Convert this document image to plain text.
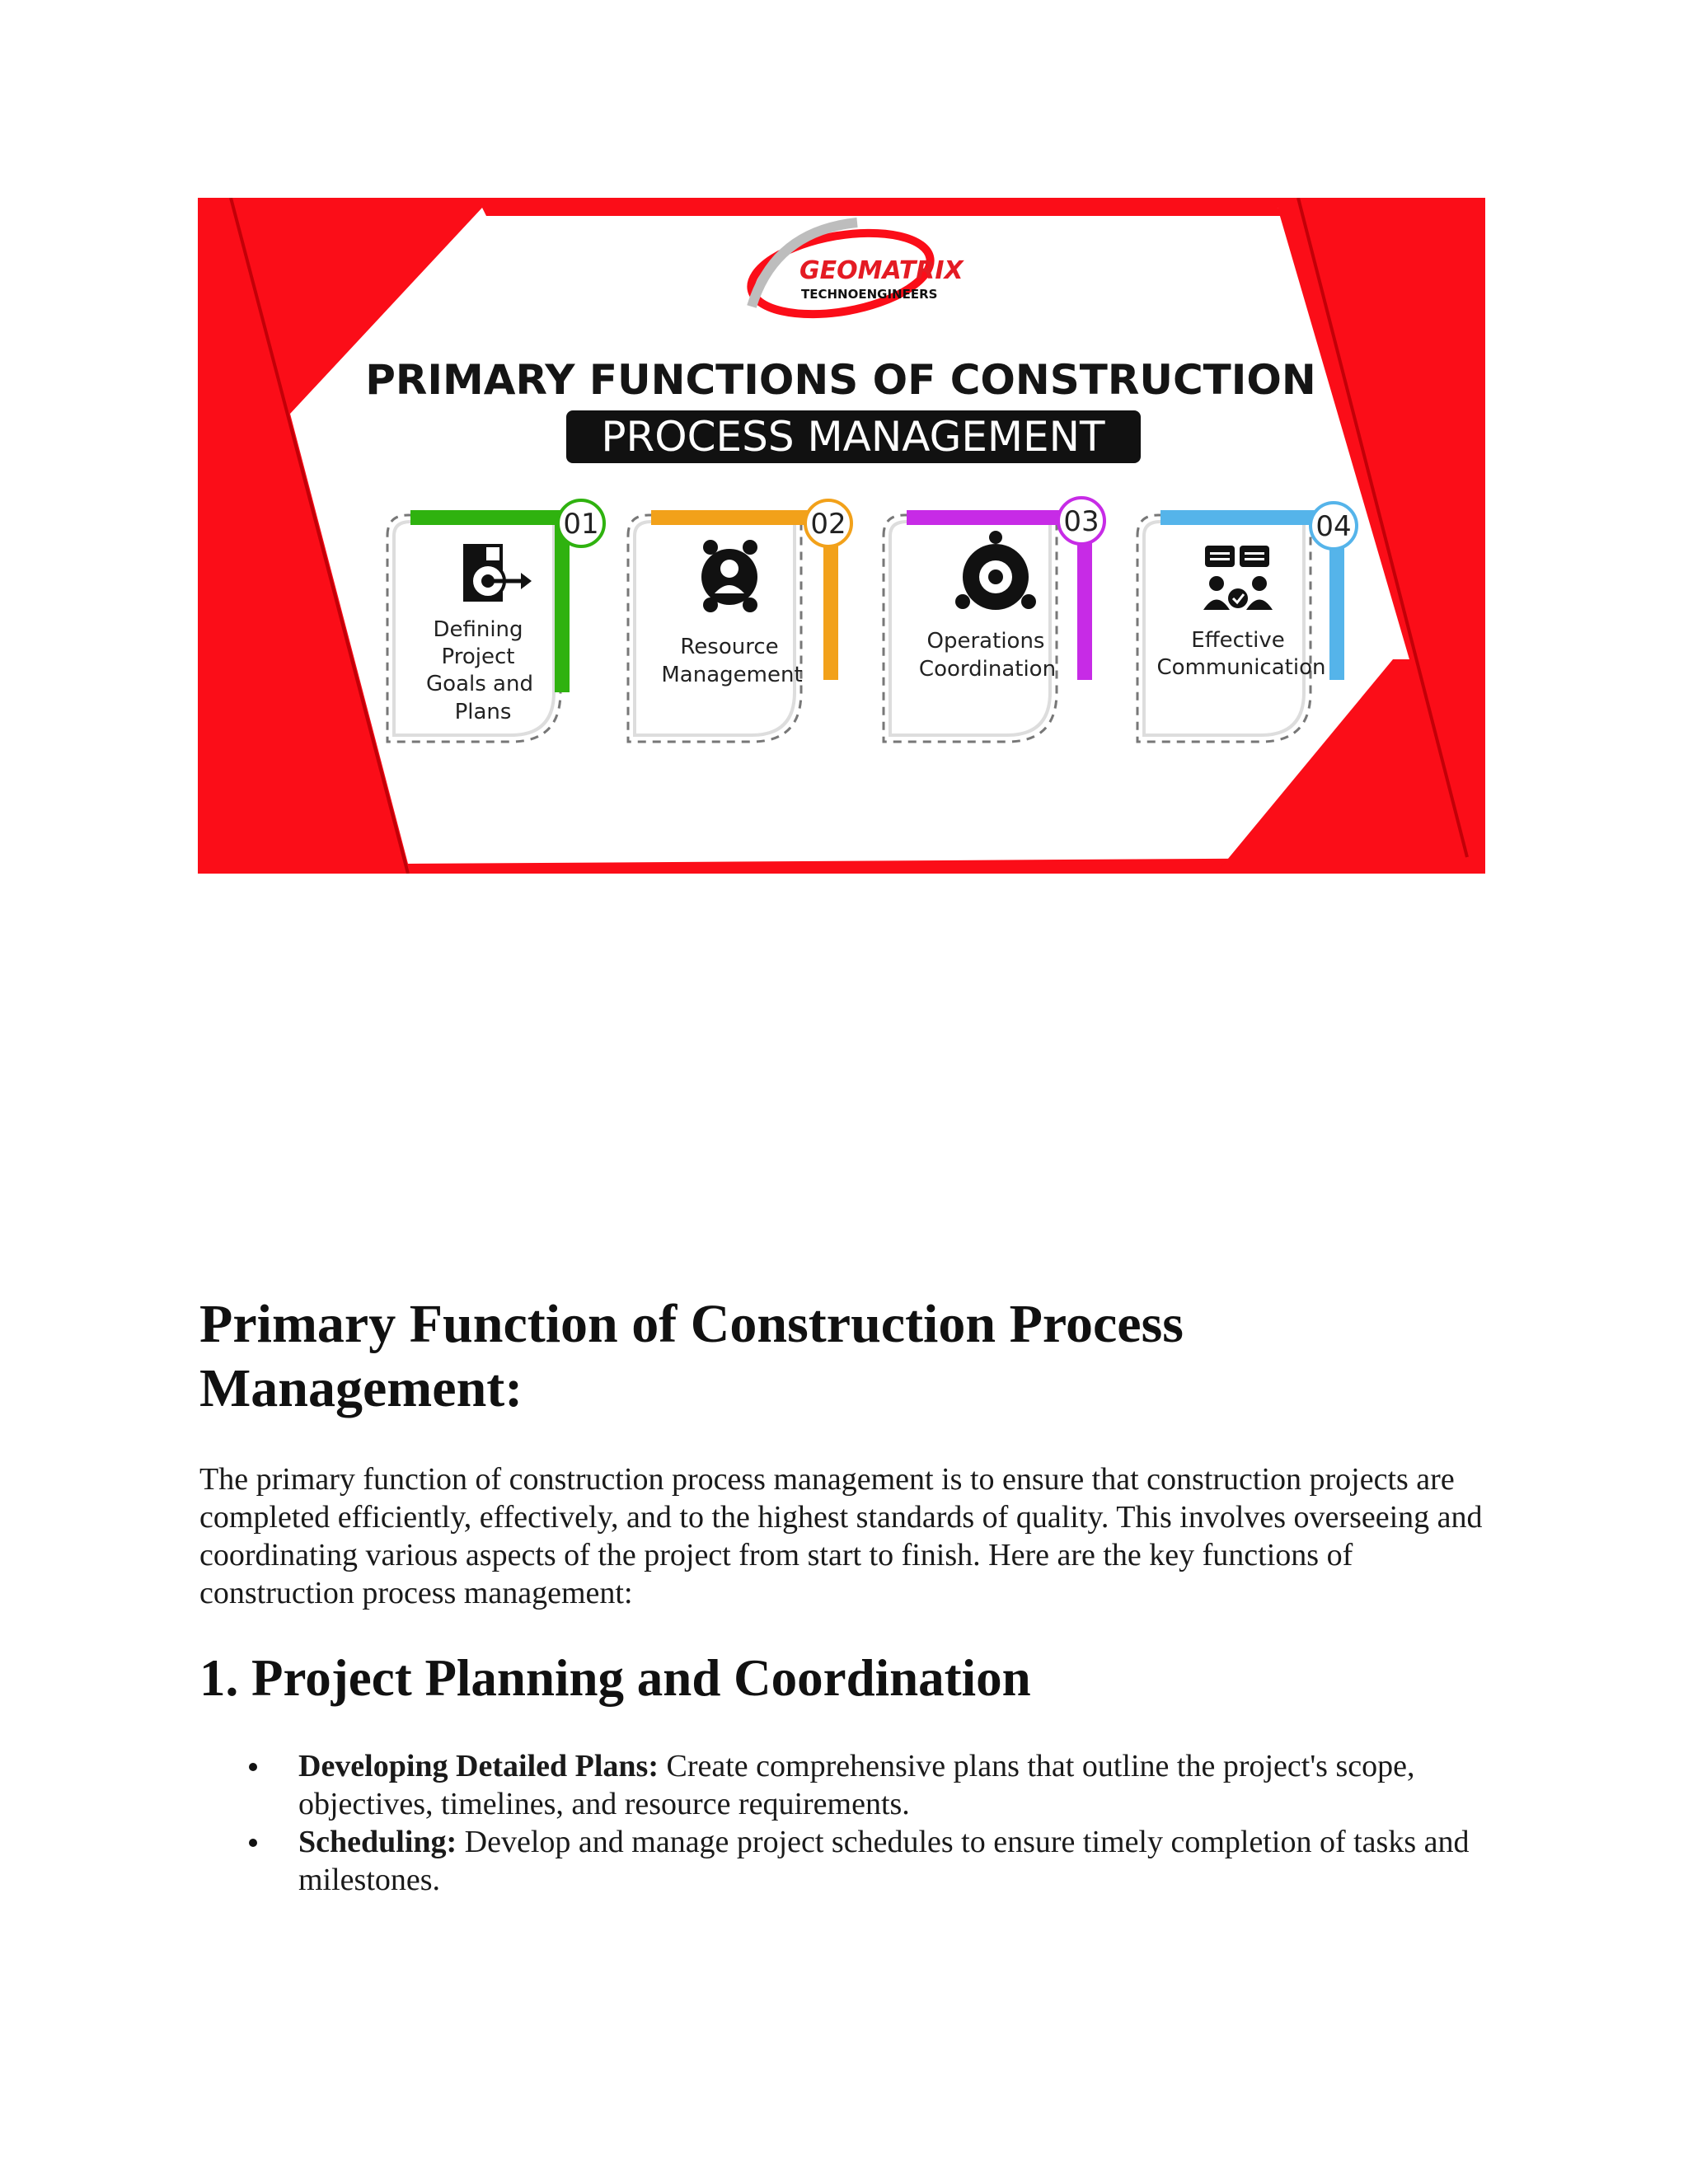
GEOMATRIX
TECHNOENGINEERS
PRIMARY FUNCTIONS OF CONSTRUCTION
PROCESS MANAGEMENT
01
Defining
Project
Goals and
Plans
02
Resource
Management
03
Operations
Coordination
04
Effective
Communication
Primary Function of Construction Process Management:

The primary function of construction process management is to ensure that construction projects are completed efficiently, effectively, and to the highest standards of quality. This involves overseeing and coordinating various aspects of the project from start to finish. Here are the key functions of construction process management:

1. Project Planning and Coordination
Developing Detailed Plans: Create comprehensive plans that outline the project's scope, objectives, timelines, and resource requirements.
Scheduling: Develop and manage project schedules to ensure timely completion of tasks and milestones.
